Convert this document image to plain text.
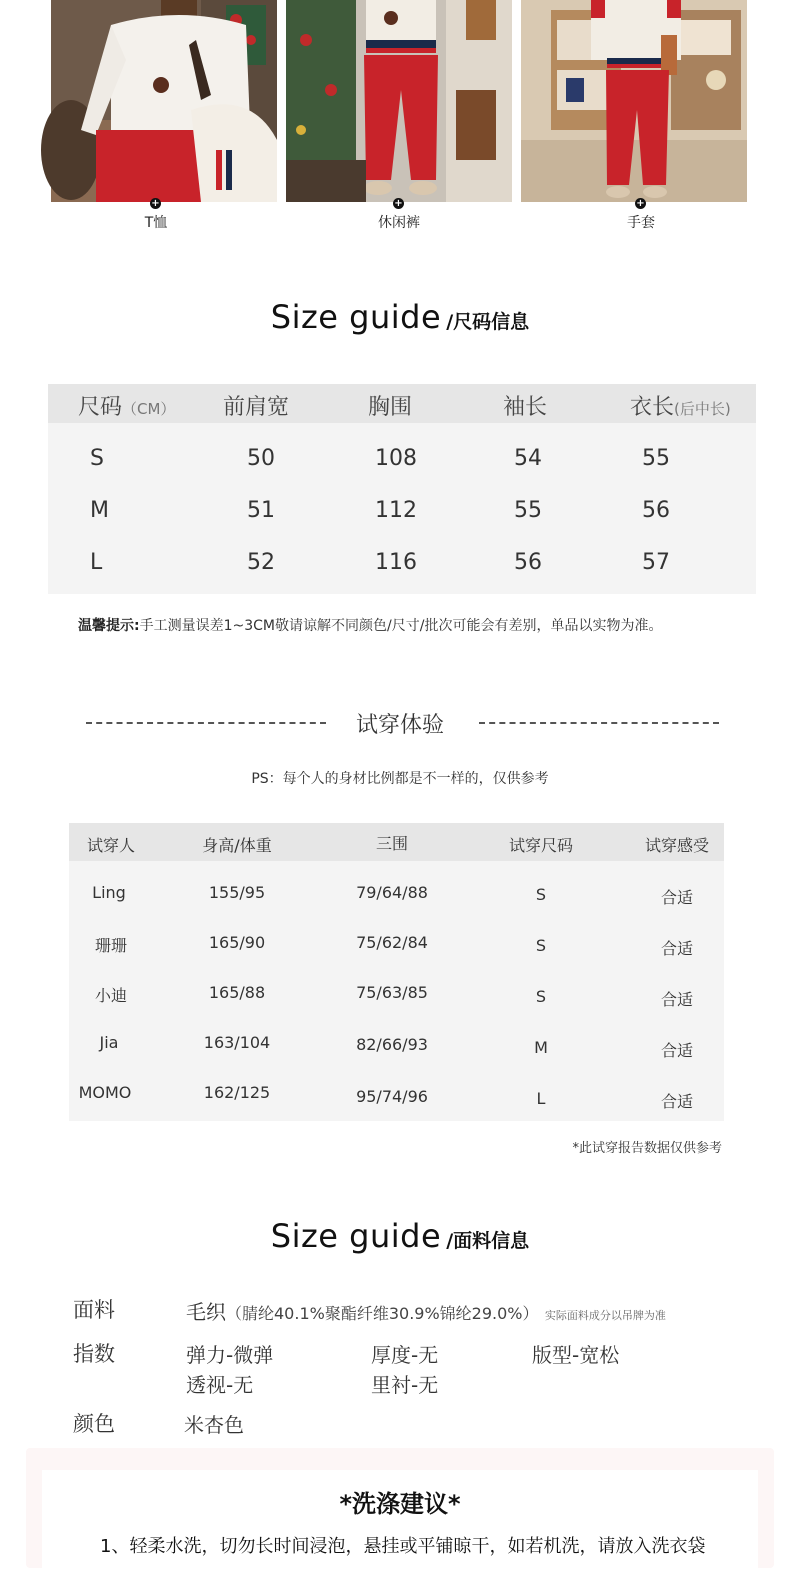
+
T恤
+
休闲裤
+
手套
Size guide /尺码信息
尺码（CM） 前肩宽	胸围	袖长	衣长(后中长)
S	50	108	54	55
M	51	112	55	56
L	52	116	56	57
温馨提示:手工测量误差1~3CM敬请谅解不同颜色/尺寸/批次可能会有差别，单品以实物为准。
试穿体验
PS：每个人的身材比例都是不一样的，仅供参考
试穿人	身高/体重	三围	试穿尺码	试穿感受
Ling	155/95	79/64/88	S	合适
珊珊	165/90	75/62/84	S	合适
小迪	165/88	75/63/85	S	合适
Jia	163/104	82/66/93	M	合适
MOMO	162/125	95/74/96	L	合适
*此试穿报告数据仅供参考
Size guide /面料信息
面料	毛织（腈纶40.1%聚酯纤维30.9%锦纶29.0%） 实际面料成分以吊牌为准
指数	弹力-微弹	厚度-无	版型-宽松
透视-无	里衬-无
颜色	米杏色
*洗涤建议*
1、轻柔水洗，切勿长时间浸泡，悬挂或平铺晾干，如若机洗，请放入洗衣袋
